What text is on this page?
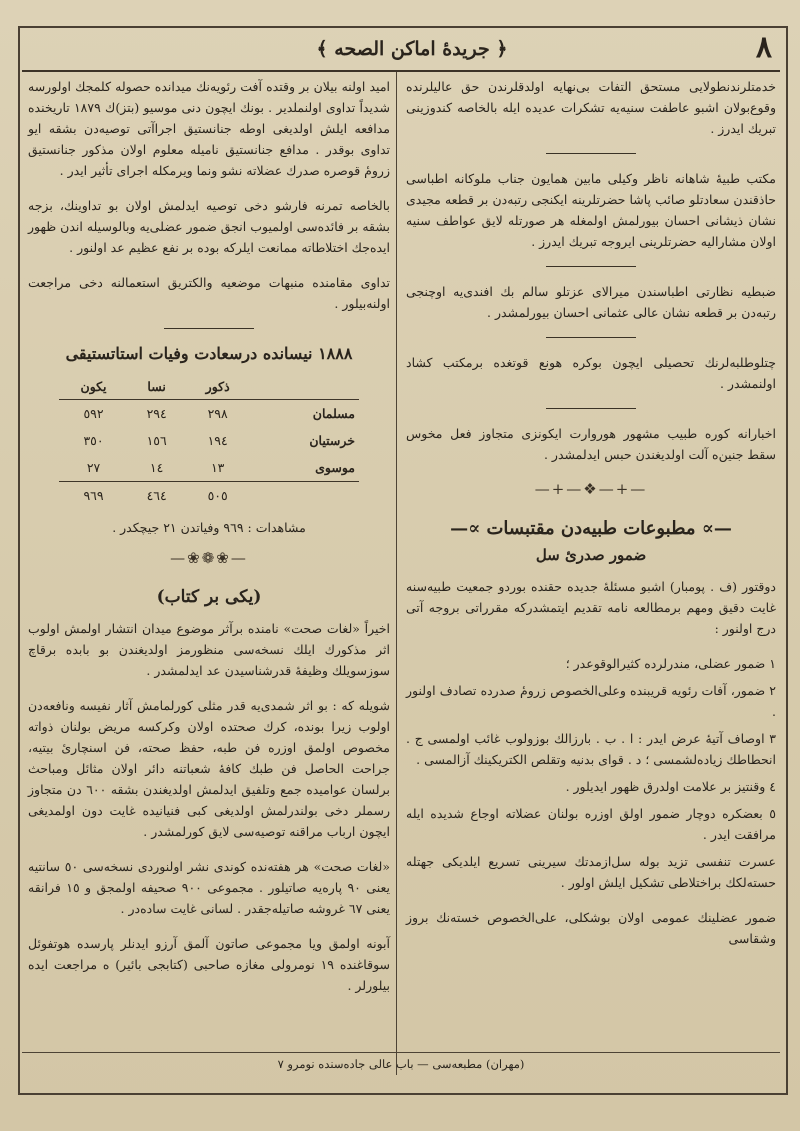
٨
﴿ جريدهٔ اماكن الصحه ﴾

خدمتلرندنطولايى مستحق التفات بى‌نهايه اولدقلرندن حق عاليلرنده وقوع‌بولان اشبو عاطفت سنيه‌يه تشكرات عديده ايله بالخاصه كندوزينى تبريك ايدرز .

مكتب طبيهٔ شاهانه ناظر وكيلى مابين همايون جناب ملوكانه اطباسى حاذقندن سعادتلو صائب پاشا حضرتلرينه ايكنجى رتبه‌دن بر قطعه مجيدى نشان ذيشانى احسان بيورلمش اولمغله هر صورتله لايق عواطف سنيه اولان مشاراليه حضرتلرينى ايروجه تبريك ايدرز .

ضبطيه نظارتى اطباسندن ميرالاى عزتلو سالم بك افندى‌يه اوچنجى رتبه‌دن بر قطعه نشان عالى عثمانى احسان بيورلمشدر .

چتلوطلبه‌لرنك تحصيلى ايچون بوكره هونع قوتغده برمكتب كشاد اولنمشدر .

اخبارانه كوره طبيب مشهور هوروارت ايكونزى متجاوز فعل مخوس سقط جنين‌ه آلت اولديغندن حبس ايدلمشدر .

—+—❖—+—
—∝ مطبوعات طبيه‌دن مقتبسات ∝—
ضمور صدرئ سل

دوقتور (ف . پومبار) اشبو مسئلهٔ جديده حقنده بوردو جمعيت طبيه‌سنه غايت دقيق ومهم برمطالعه نامه تقديم ايتمشدركه مقرراتى بروجه آتى درج اولنور :

١ ضمور عضلى، مندرلرده كثيرالوقوعدر ؛
٢ ضمور، آفات رئويه قريبنده وعلى‌الخصوص زرومٔ صدرده تصادف اولنور .
٣ اوصاف آتيهٔ عرض ايدر : ا . ب . بارزالك بوزولوب غائب اولمسى ج . انحطاطك زياده‌لشمسى ؛ د . قواى بدنيه وتقلص الكتريكينك آزالمسى .
٤ وقنتيز بر علامت اولدرق ظهور ايديلور .
٥ بعضكره دوچار ضمور اولق اوزره بولنان عضلاته اوجاع شديده ايله مرافقت ايدر .

عسرت تنفسى تزيد بوله سل‌ازمدتك سيرينى تسريع ايلديكى جهتله حسته‌لكك براختلاطى تشكيل ايلش اولور .

ضمور عضلينك عمومى اولان بوشكلى، على‌الخصوص خسته‌نك بروز وشقاسى

اميد اولنه بيلان بر وقتده آفت رئويه‌نك ميدانده حصوله كلمجك اولورسه شديداً تداوى اولنملدير . بونك ايچون دنى موسيو (بتز)ك ١٨٧٩ تاريخنده مدافعه ايلش اولديغى اوطه جنانستيق اجراآتى توصيه‌دن بشقه ايو تداوى بوقدر . مدافع جنانستيق ناميله معلوم اولان مذكور جنانستيق زرومٔ قوصره صدرك عضلاته نشو ونما ويرمكله اجراى تأثير ايدر .

بالخاصه تمرنه فارشو دخى توصيه ايدلمش اولان بو تداوينك، بزجه بشقه بر فائده‌سى اولميوب انجق ضمور عضلى‌يه وبالوسيله اندن ظهور ايده‌جك اختلاطاته ممانعت ايلركه بوده بر نفع عظيم عد اولنور .

تداوى مقامنده منبهات موضعيه والكتريق استعمالنه دخى مراجعت اولنه‌بيلور .

١٨٨٨ نيسانده درسعادت وفيات استاتستيقى
	ذكور	نسا	يكون
مسلمان	٢٩٨	٢٩٤	٥٩٢
خرستيان	١٩٤	١٥٦	٣٥٠
موسوى	١٣	١٤	٢٧
	٥٠٥	٤٦٤	٩٦٩
مشاهدات : ٩٦٩ وفياتدن ٢١ جيچكدر .
—❀❁❀—
(يكى بر كتاب)

اخيراً «لغات صحت» نامنده برآثر موضوع ميدان انتشار اولمش اولوب اثر مذكورك ايلك نسخه‌سى منظورمز اولديغندن بو بابده برقاچ سوزسويلك وظيفهٔ قدرشناسيدن عد ايدلمشدر .

شويله كه : بو اثر شمدى‌يه قدر مثلى كورلمامش آثار نفيسه ونافعه‌دن اولوب زيرا بونده، كرك صحتده اولان وكركسه مريض بولنان ذواته مخصوص اولمق اوزره فن طبه، حفظ صحته، فن اسنچارئ بيتيه، جراحت الحاصل فن طبك كافهٔ شعباتنه دائر اولان مثائل ومباحث برلسان عواميده جمع وتلفيق ايدلمش اولديغندن بشقه ٦٠٠ دن متجاوز رسملر دخى بولندرلمش اولديغى كبى فنيانيده غايت دون اولمديغى ايچون ارباب مراقنه توصيه‌سى لايق كورلمشدر .

«لغات صحت» هر هفته‌نده كوندى نشر اولنوردى نسخه‌سى ٥٠ سانتيه يعنى ٩٠ پاره‌يه صاتيلور . مجموعى ٩٠٠ صحيفه اولمجق و ١٥ فرانقه يعنى ٦٧ غروشه صاتيله‌جقدر . لسانى غايت ساده‌در .

آبونه اولمق ويا مجموعى صاتون آلمق آرزو ايدنلر پارسده هوتفوئل سوقاغنده ١٩ نومرولى مغازه صاحبى (كتابجى بائير) ه مراجعت ايده بيلورلر .

(مهران) مطبعه‌سى — باب عالى جاده‌سنده نومرو ٧
